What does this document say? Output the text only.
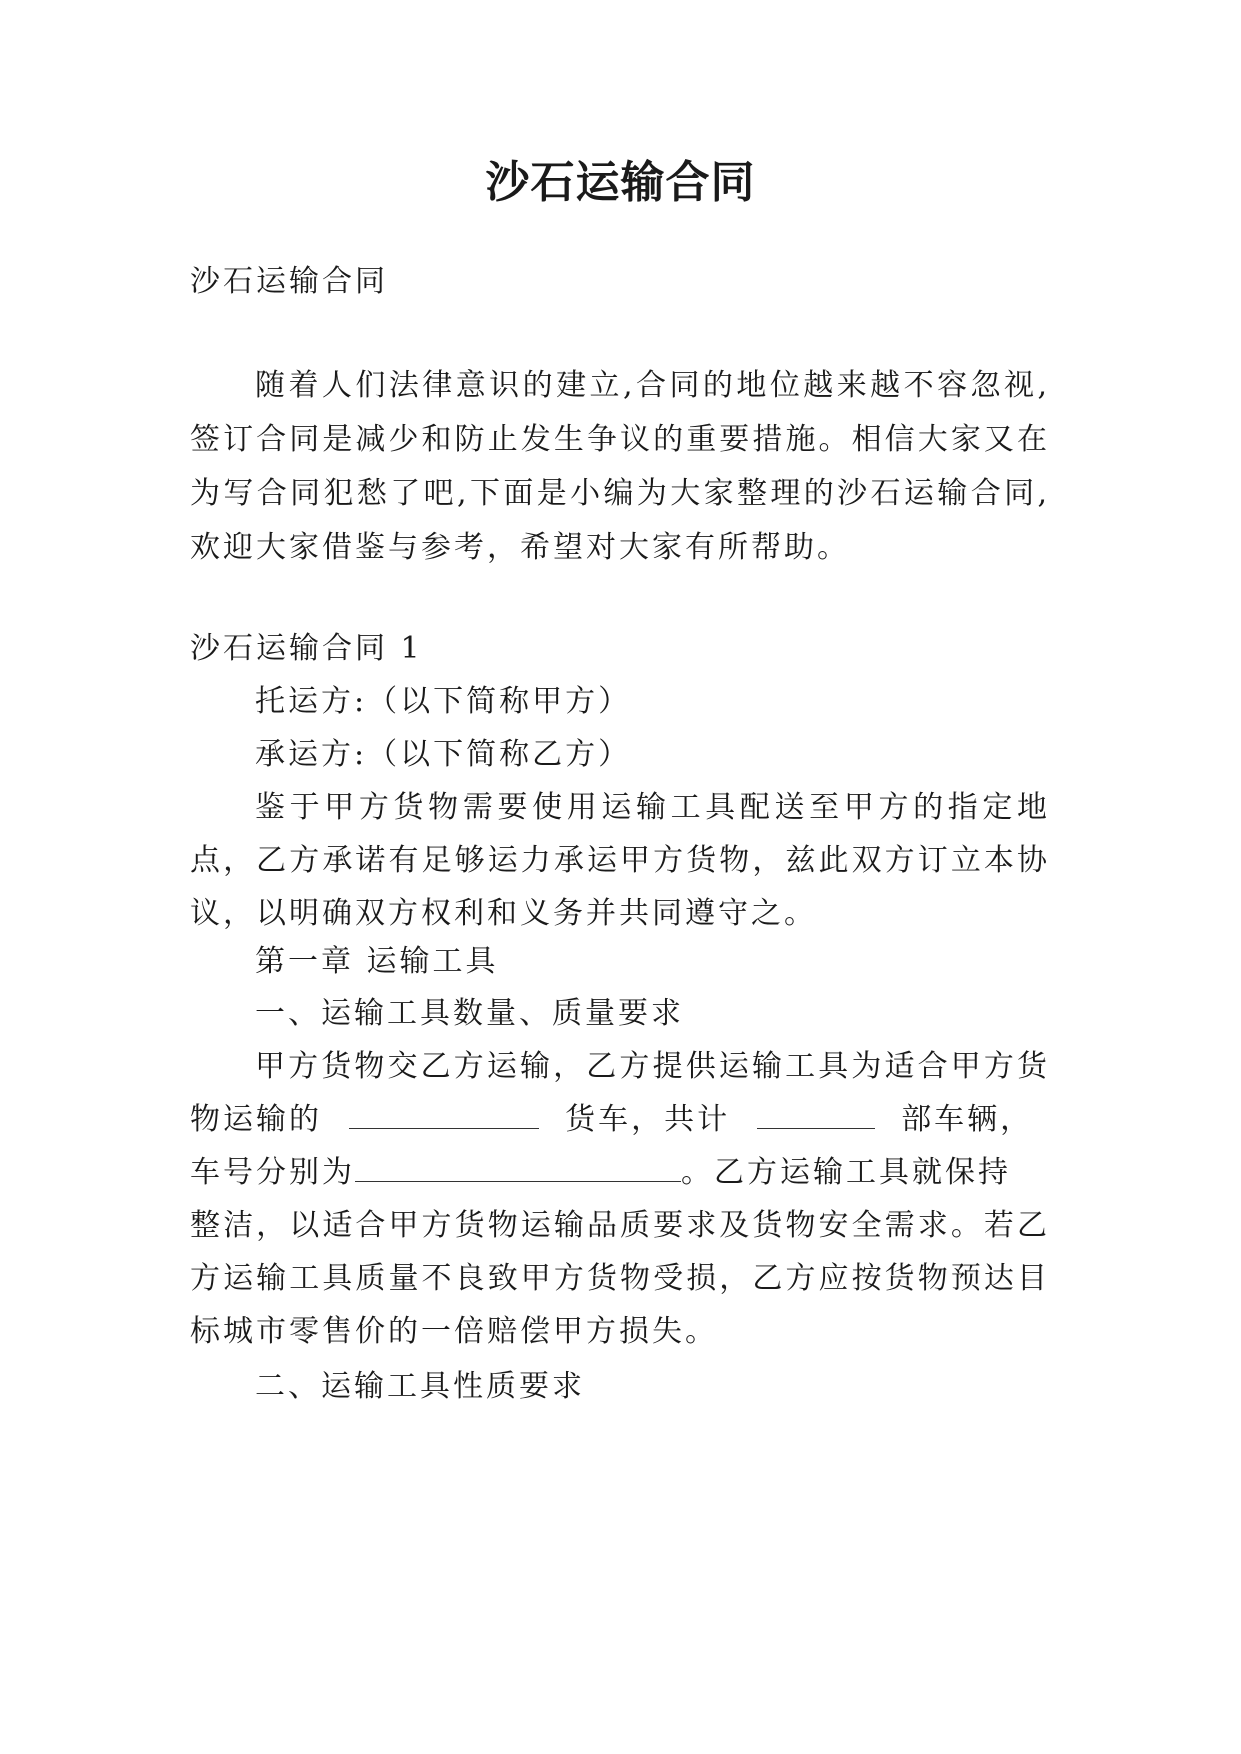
沙石运输合同
沙石运输合同
随着人们法律意识的建立,合同的地位越来越不容忽视,
签订合同是减少和防止发生争议的重要措施。相信大家又在
为写合同犯愁了吧,下面是小编为大家整理的沙石运输合同,
欢迎大家借鉴与参考，希望对大家有所帮助。
沙石运输合同 1
托运方:（以下简称甲方）
承运方:（以下简称乙方）
鉴于甲方货物需要使用运输工具配送至甲方的指定地
点，乙方承诺有足够运力承运甲方货物，兹此双方订立本协
议，以明确双方权利和义务并共同遵守之。
第一章 运输工具
一、运输工具数量、质量要求
甲方货物交乙方运输，乙方提供运输工具为适合甲方货
物运输的	货车，共计	部车辆，
车号分别为	。乙方运输工具就保持
整洁，以适合甲方货物运输品质要求及货物安全需求。若乙
方运输工具质量不良致甲方货物受损，乙方应按货物预达目
标城市零售价的一倍赔偿甲方损失。
二、运输工具性质要求
